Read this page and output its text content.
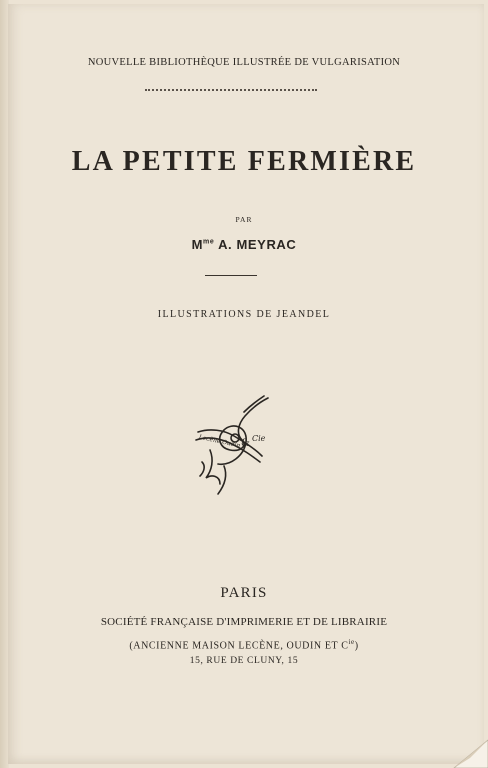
NOUVELLE BIBLIOTHÈQUE ILLUSTRÉE DE VULGARISATION
LA PETITE FERMIÈRE
PAR
$M^{me}$ A. MEYRAC
ILLUSTRATIONS DE JEANDEL
Lecène Oudin & Cie
PARIS
SOCIÉTÉ FRANÇAISE D'IMPRIMERIE ET DE LIBRAIRIE
(ANCIENNE MAISON LECÈNE, OUDIN ET $C^{ie}$)
15, RUE DE CLUNY, 15
